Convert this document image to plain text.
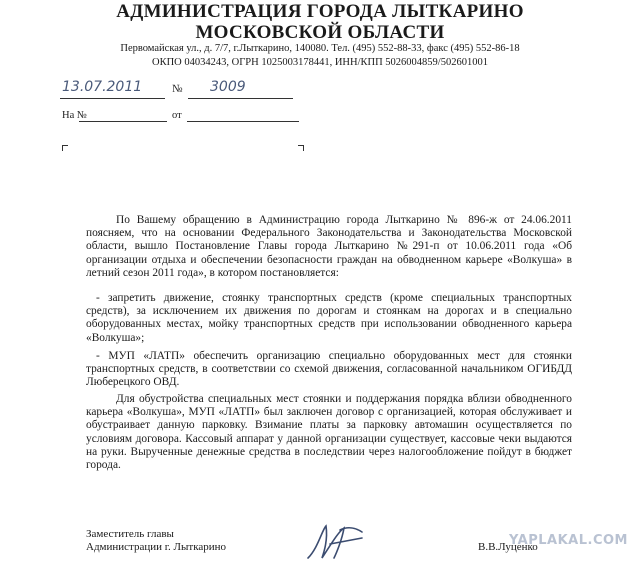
АДМИНИСТРАЦИЯ ГОРОДА ЛЫТКАРИНО
МОСКОВСКОЙ ОБЛАСТИ
Первомайская ул., д. 7/7, г.Лыткарино, 140080. Тел. (495) 552-88-33, факс (495) 552-86-18
ОКПО 04034243, ОГРН 1025003178441, ИНН/КПП 5026004859/502601001
13.07.2011	№ 3009
На №	от

По Вашему обращению в Администрацию города Лыткарино № 896-ж от 24.06.2011 поясняем, что на основании Федерального Законодательства и Законодательства Московской области, вышло Постановление Главы города Лыткарино №291-п от 10.06.2011 года «Об организации отдыха и обеспечении безопасности граждан на обводненном карьере «Волкуша» в летний сезон 2011 года», в котором постановляется:

- запретить движение, стоянку транспортных средств (кроме специальных транспортных средств), за исключением их движения по дорогам и стоянкам на дорогах и в специально оборудованных местах, мойку транспортных средств при использовании обводненного карьера «Волкуша»;

- МУП «ЛАТП» обеспечить организацию специально оборудованных мест для стоянки транспортных средств, в соответствии со схемой движения, согласованной начальником ОГИБДД Люберецкого ОВД.

Для обустройства специальных мест стоянки и поддержания порядка вблизи обводненного карьера «Волкуша», МУП «ЛАТП» был заключен договор с организацией, которая обслуживает и обустраивает данную парковку. Взимание платы за парковку автомашин осуществляется по условиям договора. Кассовый аппарат у данной организации существует, кассовые чеки выдаются на руки. Вырученные денежные средства в последствии через налогообложение пойдут в бюджет города.

Заместитель главы
Администрации г. Лыткарино	В.В.Луценко
YAPLAKAL.COM
